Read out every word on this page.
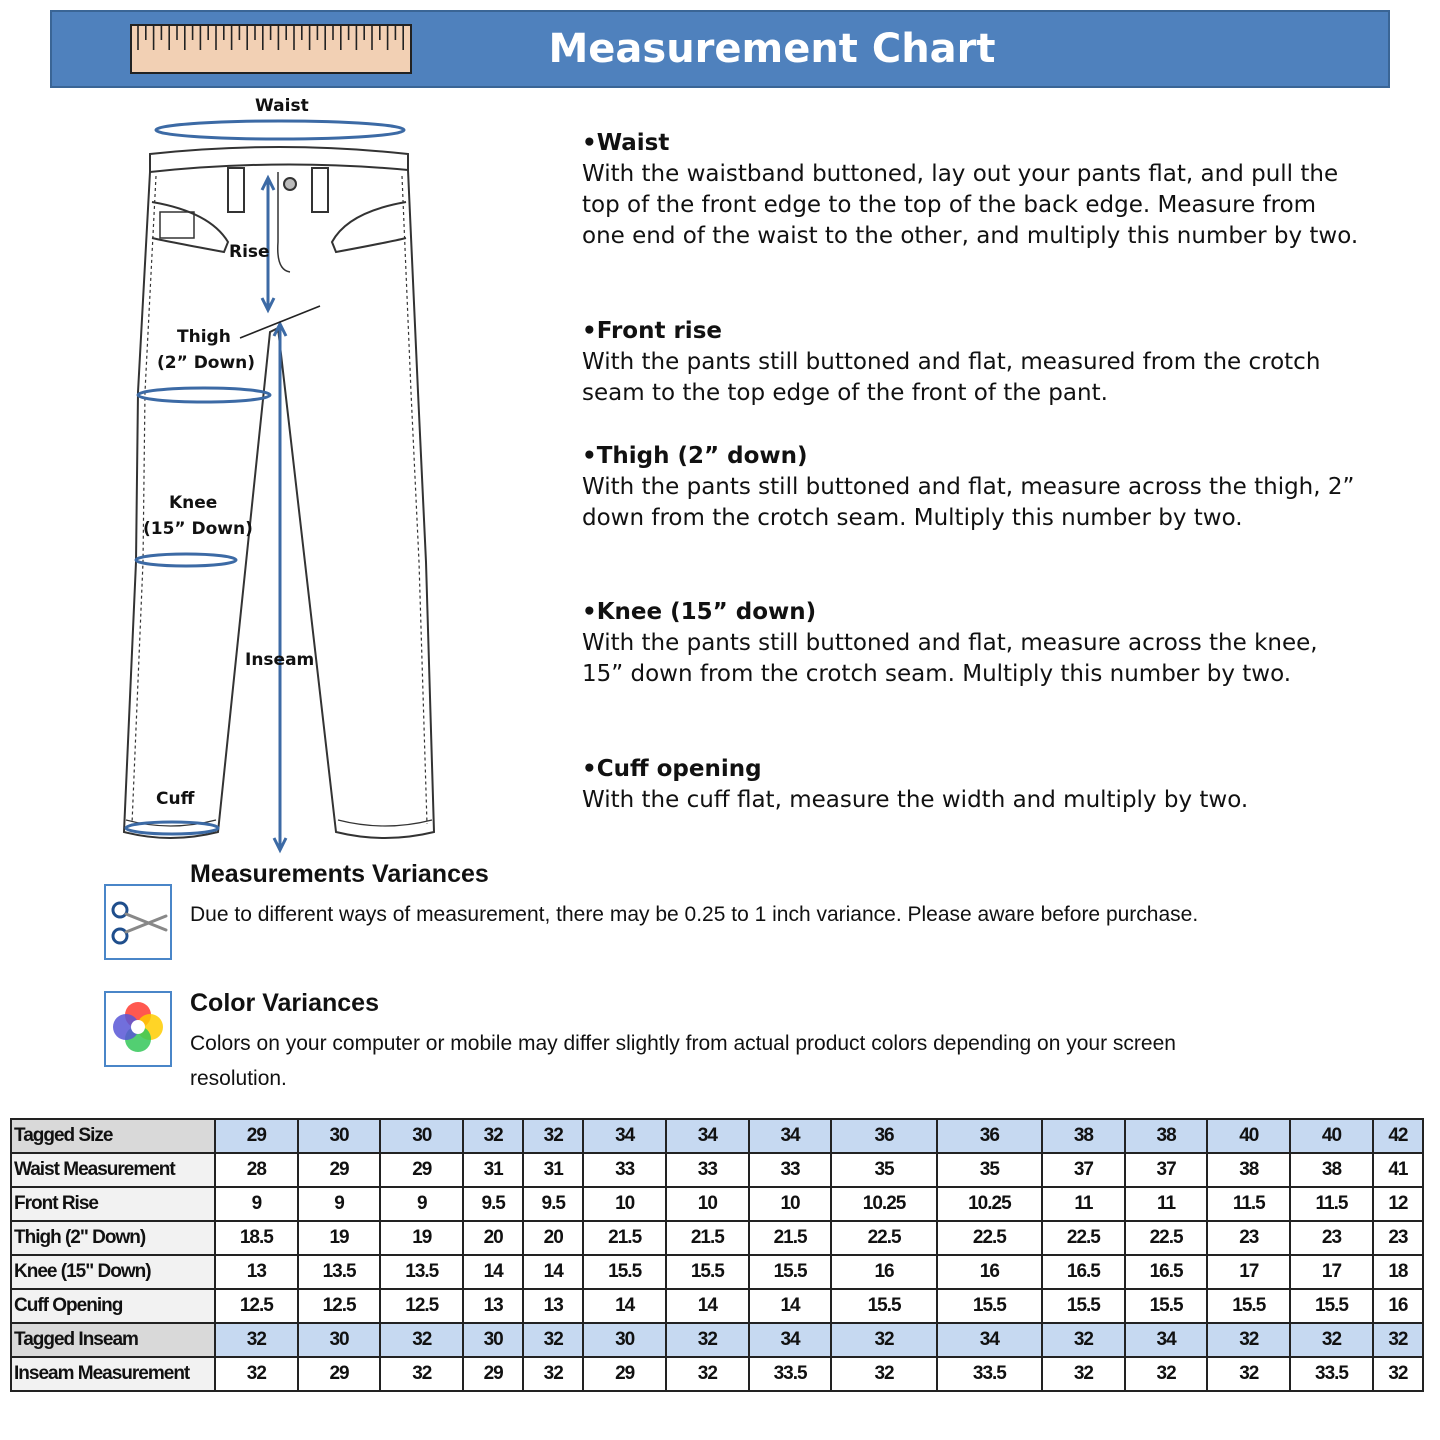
Measurement Chart
Waist
Rise
Thigh
(2” Down)
Knee
(15” Down)
Inseam
Cuff
•Waist
With the waistband buttoned, lay out your pants flat, and pull the top of the front edge to the top of the back edge. Measure from one end of the waist to the other, and multiply this number by two.
•Front rise
With the pants still buttoned and flat, measured from the crotch seam to the top edge of the front of the pant.
•Thigh (2” down)
With the pants still buttoned and flat, measure across the thigh, 2” down from the crotch seam. Multiply this number by two.
•Knee (15” down)
With the pants still buttoned and flat, measure across the knee, 15” down from the crotch seam. Multiply this number by two.
•Cuff opening
With the cuff flat, measure the width and multiply by two.
Measurements Variances
Due to different ways of measurement, there may be 0.25 to 1 inch variance. Please aware before purchase.
Color Variances
Colors on your computer or mobile may differ slightly from actual product colors depending on your screen resolution.
Tagged Size	29	30	30	32	32	34	34	34	36	36	38	38	40	40	42
Waist Measurement	28	29	29	31	31	33	33	33	35	35	37	37	38	38	41
Front Rise	9	9	9	9.5	9.5	10	10	10	10.25	10.25	11	11	11.5	11.5	12
Thigh (2" Down)	18.5	19	19	20	20	21.5	21.5	21.5	22.5	22.5	22.5	22.5	23	23	23
Knee (15" Down)	13	13.5	13.5	14	14	15.5	15.5	15.5	16	16	16.5	16.5	17	17	18
Cuff Opening	12.5	12.5	12.5	13	13	14	14	14	15.5	15.5	15.5	15.5	15.5	15.5	16
Tagged Inseam	32	30	32	30	32	30	32	34	32	34	32	34	32	32	32
Inseam Measurement	32	29	32	29	32	29	32	33.5	32	33.5	32	32	32	33.5	32
